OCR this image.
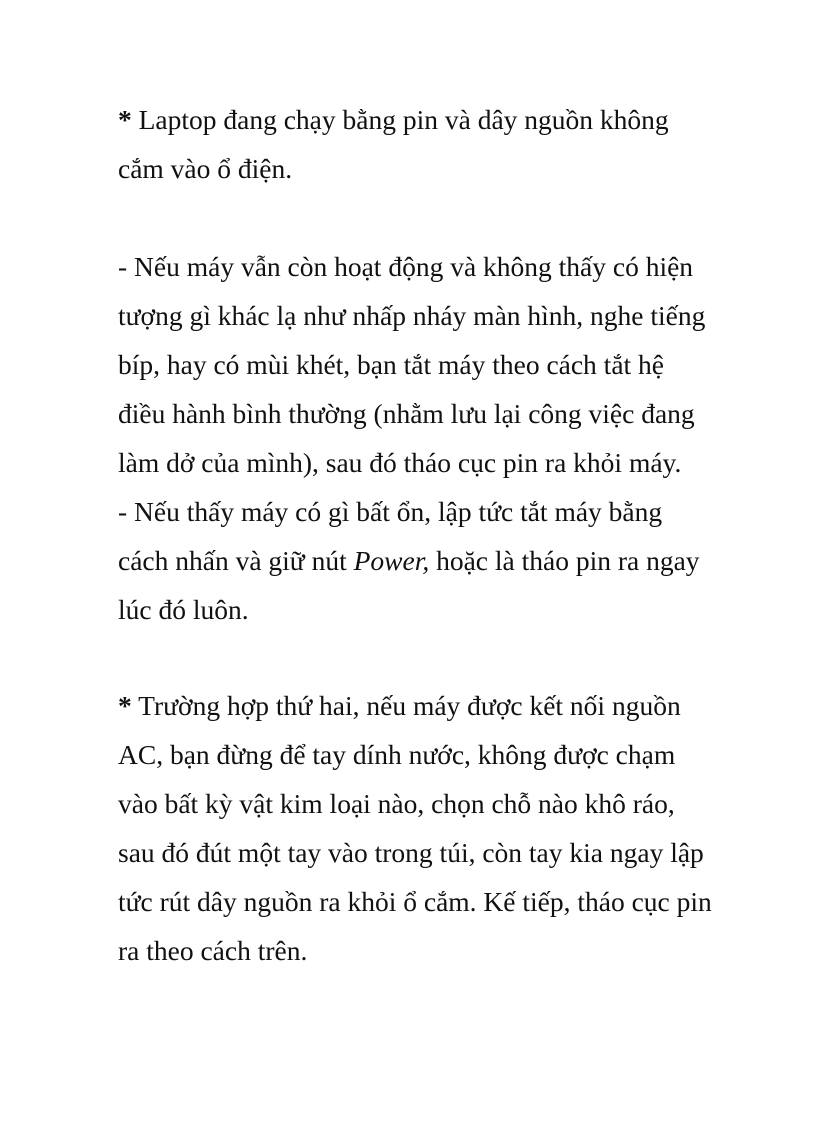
* Laptop đang chạy bằng pin và dây nguồn không
cắm vào ổ điện.
- Nếu máy vẫn còn hoạt động và không thấy có hiện
tượng gì khác lạ như nhấp nháy màn hình, nghe tiếng
bíp, hay có mùi khét, bạn tắt máy theo cách tắt hệ
điều hành bình thường (nhằm lưu lại công việc đang
làm dở của mình), sau đó tháo cục pin ra khỏi máy.
- Nếu thấy máy có gì bất ổn, lập tức tắt máy bằng
cách nhấn và giữ nút Power, hoặc là tháo pin ra ngay
lúc đó luôn.
* Trường hợp thứ hai, nếu máy được kết nối nguồn
AC, bạn đừng để tay dính nước, không được chạm
vào bất kỳ vật kim loại nào, chọn chỗ nào khô ráo,
sau đó đút một tay vào trong túi, còn tay kia ngay lập
tức rút dây nguồn ra khỏi ổ cắm. Kế tiếp, tháo cục pin
ra theo cách trên.
